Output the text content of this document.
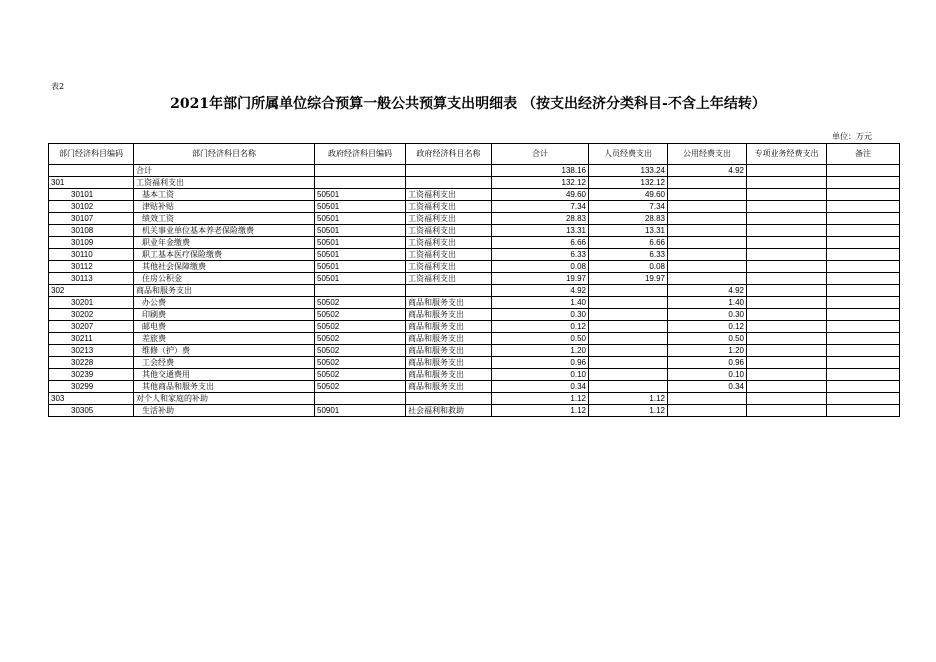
表2
2021年部门所属单位综合预算一般公共预算支出明细表 （按支出经济分类科目-不含上年结转）
单位：万元
部门经济科目编码	部门经济科目名称	政府经济科目编码	政府经济科目名称	合计	人员经费支出	公用经费支出	专项业务经费支出	备注
	合计			138.16	133.24	4.92		
301	工资福利支出			132.12	132.12			
30101	基本工资	50501	工资福利支出	49.60	49.60			
30102	津贴补贴	50501	工资福利支出	7.34	7.34			
30107	绩效工资	50501	工资福利支出	28.83	28.83			
30108	机关事业单位基本养老保险缴费	50501	工资福利支出	13.31	13.31			
30109	职业年金缴费	50501	工资福利支出	6.66	6.66			
30110	职工基本医疗保险缴费	50501	工资福利支出	6.33	6.33			
30112	其他社会保障缴费	50501	工资福利支出	0.08	0.08			
30113	住房公积金	50501	工资福利支出	19.97	19.97			
302	商品和服务支出			4.92		4.92		
30201	办公费	50502	商品和服务支出	1.40		1.40		
30202	印刷费	50502	商品和服务支出	0.30		0.30		
30207	邮电费	50502	商品和服务支出	0.12		0.12		
30211	差旅费	50502	商品和服务支出	0.50		0.50		
30213	维修（护）费	50502	商品和服务支出	1.20		1.20		
30228	工会经费	50502	商品和服务支出	0.96		0.96		
30239	其他交通费用	50502	商品和服务支出	0.10		0.10		
30299	其他商品和服务支出	50502	商品和服务支出	0.34		0.34		
303	对个人和家庭的补助			1.12	1.12			
30305	生活补助	50901	社会福利和救助	1.12	1.12			
